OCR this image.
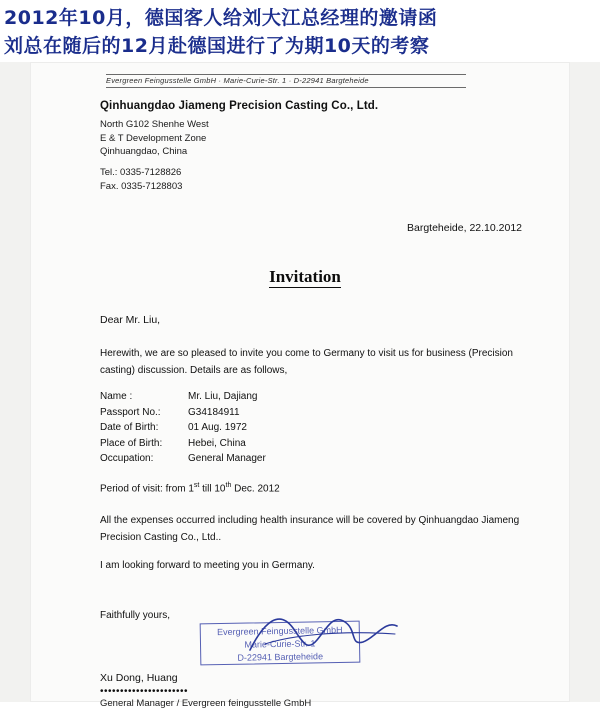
2012年10月，德国客人给刘大江总经理的邀请函
刘总在随后的12月赴德国进行了为期10天的考察
Evergreen Feingusstelle GmbH · Marie-Curie-Str. 1 · D-22941 Bargteheide
Qinhuangdao Jiameng Precision Casting Co., Ltd.
North G102 Shenhe West
E & T Development Zone
Qinhuangdao, China
Tel.: 0335-7128826
Fax. 0335-7128803
Bargteheide, 22.10.2012
Invitation
Dear Mr. Liu,
Herewith, we are so pleased to invite you come to Germany to visit us for business (Precision casting) discussion. Details are as follows,
Name :	Mr. Liu, Dajiang
Passport No.:	G34184911
Date of Birth:	01 Aug. 1972
Place of Birth:	Hebei, China
Occupation:	General Manager
Period of visit: from 1st till 10th Dec. 2012
All the expenses occurred including health insurance will be covered by Qinhuangdao Jiameng Precision Casting Co., Ltd..
I am looking forward to meeting you in Germany.
Faithfully yours,
Evergreen Feingusstelle GmbH
Marie-Curie-Str. 1
D-22941 Bargteheide
Xu Dong, Huang
••••••••••••••••••••••
General Manager / Evergreen feingusstelle GmbH
